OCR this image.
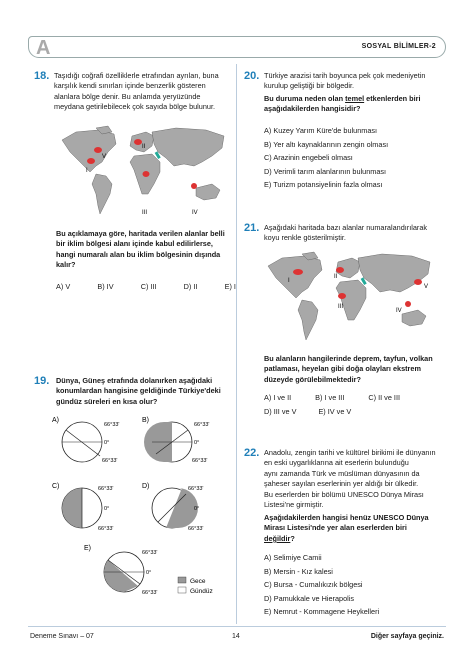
A	SOSYAL BİLİMLER-2
18. Taşıdığı coğrafi özelliklerle etrafından ayrılan, buna
karşılık kendi sınırları içinde benzerlik gösteren
alanlara bölge denir. Bu anlamda yeryüzünde
meydana getirilebilecek çok sayıda bölge bulunur.
I
II
III	IV
V
Bu açıklamaya göre, haritada verilen alanlar belli
bir iklim bölgesi alanı içinde kabul edilirlerse,
hangi numaralı alan bu iklim bölgesinin dışında
kalır?
A) V	B) IV	C) III	D) II	E) I
19. Dünya, Güneş etrafında dolanırken aşağıdaki
konumlardan hangisine geldiğinde Türkiye'deki
gündüz süreleri en kısa olur?
A)
66°33'
0°
66°33'
B)
66°33'
0°
66°33'
C)	66°33'
0°
66°33'
D)	66°33'
0°
66°33'
E)
66°33'
0°
66°33'
Gece
Gündüz
20. Türkiye arazisi tarih boyunca pek çok medeniyetin
kurulup geliştiği bir bölgedir.
Bu duruma neden olan temel etkenlerden biri
aşağıdakilerden hangisidir?
A) Kuzey Yarım Küre'de bulunması
B) Yer altı kaynaklarının zengin olması
C) Arazinin engebeli olması
D) Verimli tarım alanlarının bulunması
E) Turizm potansiyelinin fazla olması
21. Aşağıdaki haritada bazı alanlar numaralandırılarak
koyu renkle gösterilmiştir.
I
II
III
IV
V
Bu alanların hangilerinde deprem, tayfun, volkan
patlaması, heyelan gibi doğa olayları ekstrem
düzeyde görülebilmektedir?
A) I ve II	B) I ve III	C) II ve III
D) III ve V	E) IV ve V
22. Anadolu, zengin tarihi ve kültürel birikimi ile dünyanın
en eski uygarlıklarına ait eserlerin bulunduğu
aynı zamanda Türk ve müslüman dünyasının da
şaheser sayılan eserlerinin yer aldığı bir ülkedir.
Bu eserlerden bir bölümü UNESCO Dünya Mirası
Listesi'ne girmiştir.
Aşağıdakilerden hangisi henüz UNESCO Dünya
Mirası Listesi'nde yer alan eserlerden biri
değildir?
A) Selimiye Camii
B) Mersin - Kız kalesi
C) Bursa - Cumalıkızık bölgesi
D) Pamukkale ve Hierapolis
E) Nemrut - Kommagene Heykelleri
Deneme Sınavı – 07	14	Diğer sayfaya geçiniz.
